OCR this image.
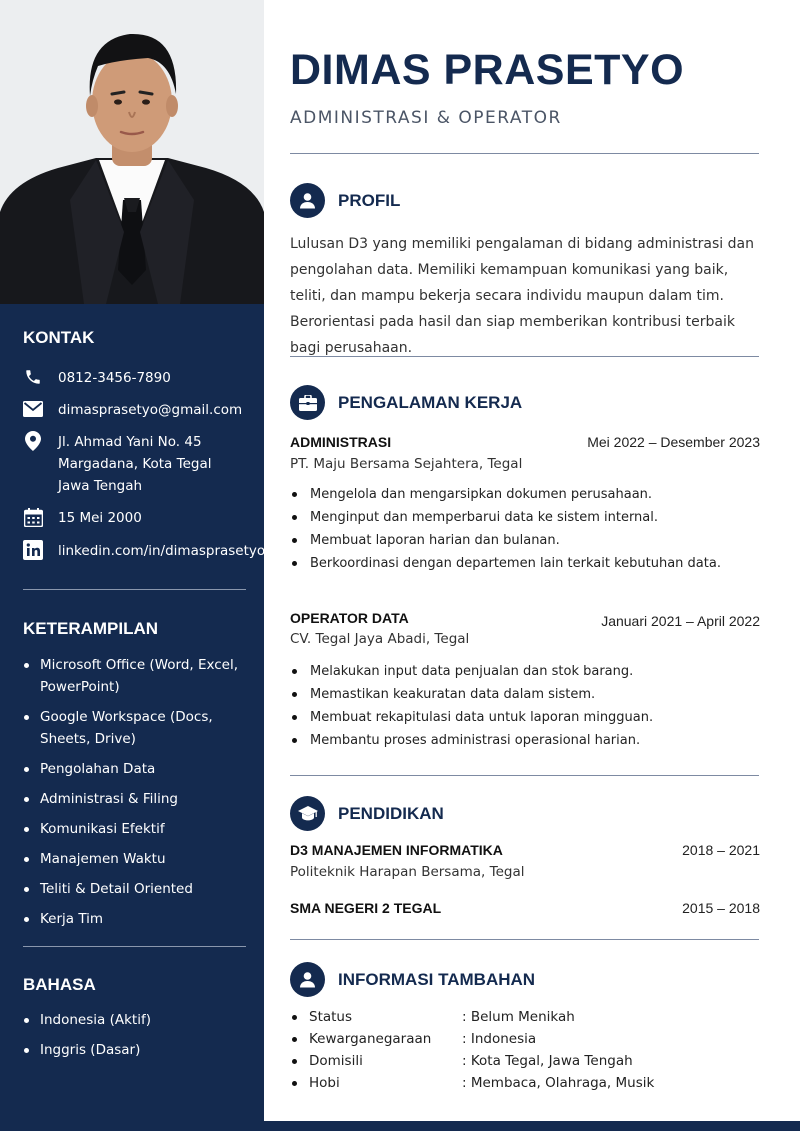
KONTAK
0812-3456-7890
dimasprasetyo@gmail.com
Jl. Ahmad Yani No. 45
Margadana, Kota Tegal
Jawa Tengah
15 Mei 2000
linkedin.com/in/dimasprasetyo
KETERAMPILAN
Microsoft Office (Word, Excel, PowerPoint)
Google Workspace (Docs, Sheets, Drive)
Pengolahan Data
Administrasi & Filing
Komunikasi Efektif
Manajemen Waktu
Teliti & Detail Oriented
Kerja Tim
BAHASA
Indonesia (Aktif)
Inggris (Dasar)
DIMAS PRASETYO
ADMINISTRASI & OPERATOR
PROFIL

Lulusan D3 yang memiliki pengalaman di bidang administrasi dan pengolahan data. Memiliki kemampuan komunikasi yang baik, teliti, dan mampu bekerja secara individu maupun dalam tim. Berorientasi pada hasil dan siap memberikan kontribusi terbaik bagi perusahaan.

PENGALAMAN KERJA
ADMINISTRASI	Mei 2022 – Desember 2023
PT. Maju Bersama Sejahtera, Tegal
Mengelola dan mengarsipkan dokumen perusahaan.
Menginput dan memperbarui data ke sistem internal.
Membuat laporan harian dan bulanan.
Berkoordinasi dengan departemen lain terkait kebutuhan data.
OPERATOR DATA	Januari 2021 – April 2022
CV. Tegal Jaya Abadi, Tegal
Melakukan input data penjualan dan stok barang.
Memastikan keakuratan data dalam sistem.
Membuat rekapitulasi data untuk laporan mingguan.
Membantu proses administrasi operasional harian.
PENDIDIKAN
D3 MANAJEMEN INFORMATIKA	2018 – 2021
Politeknik Harapan Bersama, Tegal
SMA NEGERI 2 TEGAL	2015 – 2018
INFORMASI TAMBAHAN
Status	: Belum Menikah
Kewarganegaraan	: Indonesia
Domisili	: Kota Tegal, Jawa Tengah
Hobi	: Membaca, Olahraga, Musik
